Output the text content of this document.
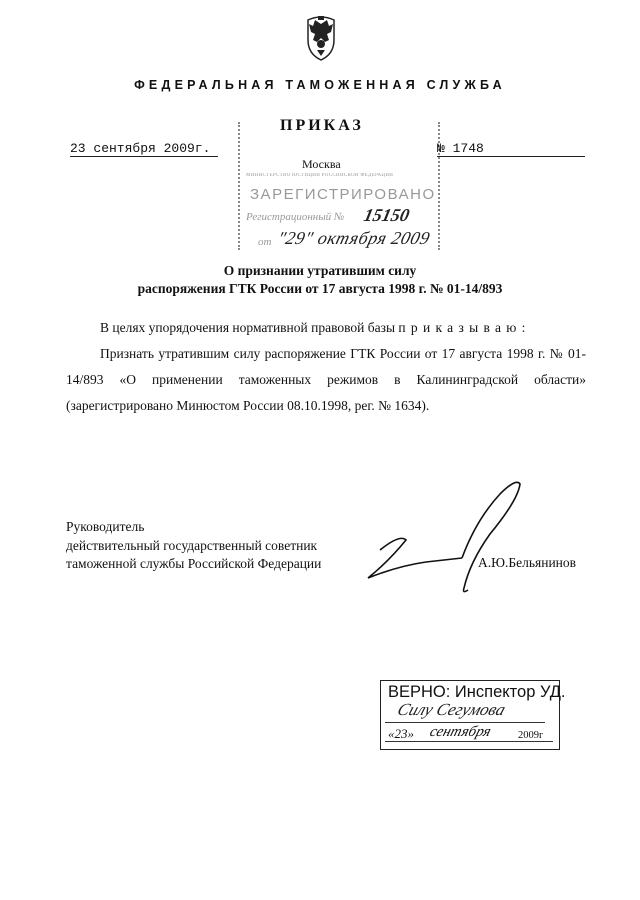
ФЕДЕРАЛЬНАЯ ТАМОЖЕННАЯ СЛУЖБА
МИНИСТЕРСТВО ЮСТИЦИИ РОССИЙСКОЙ ФЕДЕРАЦИИ
ЗАРЕГИСТРИРОВАНО
Регистрационный № 15150
от "29" октября 2009
ПРИКАЗ
23 сентября 2009г.
Москва
№ 1748
О признании утратившим силу
распоряжения ГТК России от 17 августа 1998 г. № 01-14/893
В целях упорядочения нормативной правовой базы приказываю:
Признать утратившим силу распоряжение ГТК России от 17 августа 1998 г. № 01-14/893 «О применении таможенных режимов в Калининградской области» (зарегистрировано Минюстом России 08.10.1998, рег. № 1634).
Руководитель
действительный государственный советник
таможенной службы Российской Федерации	А.Ю.Бельянинов
ВЕРНО: Инспектор УД.
Силу Сегумова
«23» сентября 2009г
